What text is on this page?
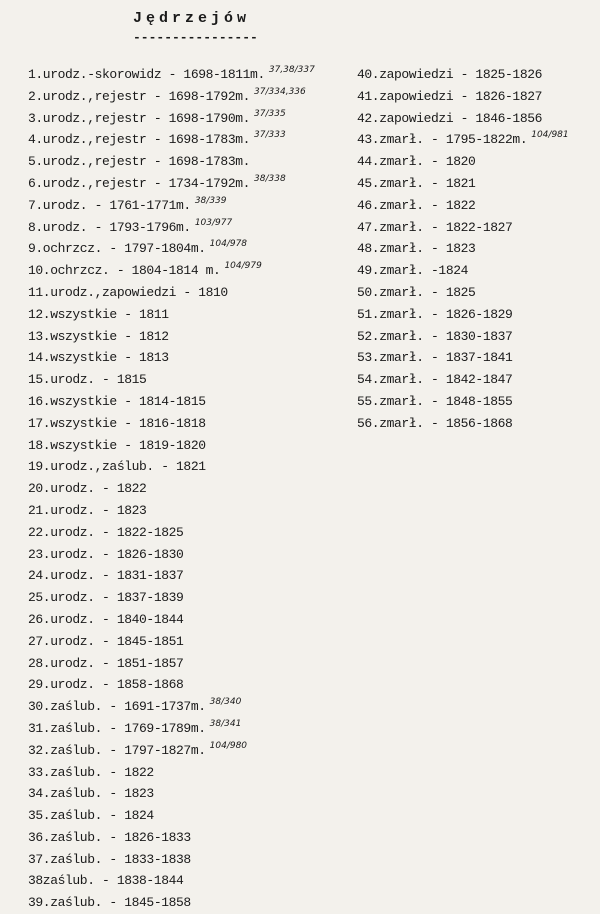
Jędrzejów
----------------
1.urodz.-skorowidz - 1698-1811m. $^{37,38/337}$
2.urodz.,rejestr - 1698-1792m. $^{37/334,336}$
3.urodz.,rejestr - 1698-1790m. $^{37/335}$
4.urodz.,rejestr - 1698-1783m. $^{37/333}$
5.urodz.,rejestr - 1698-1783m.
6.urodz.,rejestr - 1734-1792m. $^{38/338}$
7.urodz. - 1761-1771m. $^{38/339}$
8.urodz. - 1793-1796m. $^{103/977}$
9.ochrzcz. - 1797-1804m. $^{104/978}$
10.ochrzcz. - 1804-1814 m. $^{104/979}$
11.urodz.,zapowiedzi - 1810
12.wszystkie - 1811
13.wszystkie - 1812
14.wszystkie - 1813
15.urodz. - 1815
16.wszystkie - 1814-1815
17.wszystkie - 1816-1818
18.wszystkie - 1819-1820
19.urodz.,zaślub. - 1821
20.urodz. - 1822
21.urodz. - 1823
22.urodz. - 1822-1825
23.urodz. - 1826-1830
24.urodz. - 1831-1837
25.urodz. - 1837-1839
26.urodz. - 1840-1844
27.urodz. - 1845-1851
28.urodz. - 1851-1857
29.urodz. - 1858-1868
30.zaślub. - 1691-1737m. $^{38/340}$
31.zaślub. - 1769-1789m. $^{38/341}$
32.zaślub. - 1797-1827m. $^{104/980}$
33.zaślub. - 1822
34.zaślub. - 1823
35.zaślub. - 1824
36.zaślub. - 1826-1833
37.zaślub. - 1833-1838
38zaślub. - 1838-1844
39.zaślub. - 1845-1858
40.zapowiedzi - 1825-1826
41.zapowiedzi - 1826-1827
42.zapowiedzi - 1846-1856
43.zmarł. - 1795-1822m. $^{104/981}$
44.zmarł. - 1820
45.zmarł. - 1821
46.zmarł. - 1822
47.zmarł. - 1822-1827
48.zmarł. - 1823
49.zmarł. -1824
50.zmarł. - 1825
51.zmarł. - 1826-1829
52.zmarł. - 1830-1837
53.zmarł. - 1837-1841
54.zmarł. - 1842-1847
55.zmarł. - 1848-1855
56.zmarł. - 1856-1868
